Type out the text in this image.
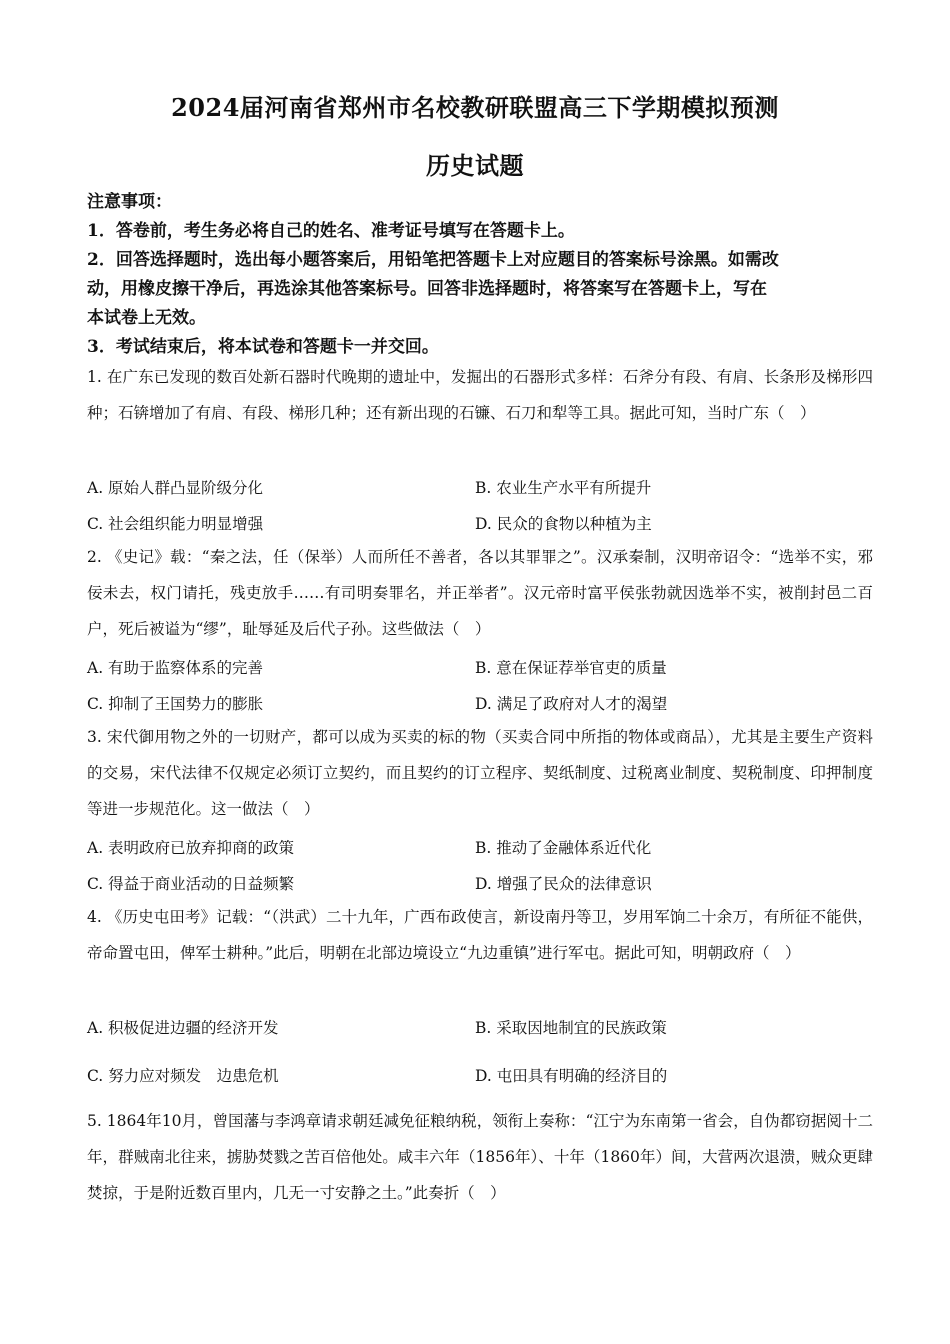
2024届河南省郑州市名校教研联盟高三下学期模拟预测
历史试题
注意事项：
1．答卷前，考生务必将自己的姓名、准考证号填写在答题卡上。
2．回答选择题时，选出每小题答案后，用铅笔把答题卡上对应题目的答案标号涂黑。如需改
动，用橡皮擦干净后，再选涂其他答案标号。回答非选择题时，将答案写在答题卡上，写在
本试卷上无效。
3．考试结束后，将本试卷和答题卡一并交回。
1. 在广东已发现的数百处新石器时代晚期的遗址中，发掘出的石器形式多样：石斧分有段、有肩、长条形及梯形四种；石锛增加了有肩、有段、梯形几种；还有新出现的石镰、石刀和犁等工具。据此可知，当时广东（　）
A. 原始人群凸显阶级分化	B. 农业生产水平有所提升
C. 社会组织能力明显增强	D. 民众的食物以种植为主
2. 《史记》载：“秦之法，任（保举）人而所任不善者，各以其罪罪之”。汉承秦制，汉明帝诏令：“选举不实，邪佞未去，权门请托，残吏放手……有司明奏罪名，并正举者”。汉元帝时富平侯张勃就因选举不实，被削封邑二百户，死后被谥为“缪”，耻辱延及后代子孙。这些做法（　）
A. 有助于监察体系的完善	B. 意在保证荐举官吏的质量
C. 抑制了王国势力的膨胀	D. 满足了政府对人才的渴望
3. 宋代御用物之外的一切财产，都可以成为买卖的标的物（买卖合同中所指的物体或商品），尤其是主要生产资料的交易，宋代法律不仅规定必须订立契约，而且契约的订立程序、契纸制度、过税离业制度、契税制度、印押制度等进一步规范化。这一做法（　）
A. 表明政府已放弃抑商的政策	B. 推动了金融体系近代化
C. 得益于商业活动的日益频繁	D. 增强了民众的法律意识
4. 《历史屯田考》记载：“（洪武）二十九年，广西布政使言，新设南丹等卫，岁用军饷二十余万，有所征不能供，帝命置屯田，俾军士耕种。”此后，明朝在北部边境设立“九边重镇”进行军屯。据此可知，明朝政府（　）
A. 积极促进边疆的经济开发	B. 采取因地制宜的民族政策
C. 努力应对频发　边患危机	D. 屯田具有明确的经济目的
5. 1864年10月，曾国藩与李鸿章请求朝廷减免征粮纳税，领衔上奏称：“江宁为东南第一省会，自伪都窃据阅十二年，群贼南北往来，掳胁焚戮之苦百倍他处。咸丰六年（1856年）、十年（1860年）间，大营两次退溃，贼众更肆焚掠，于是附近数百里内，几无一寸安静之土。”此奏折（　）
